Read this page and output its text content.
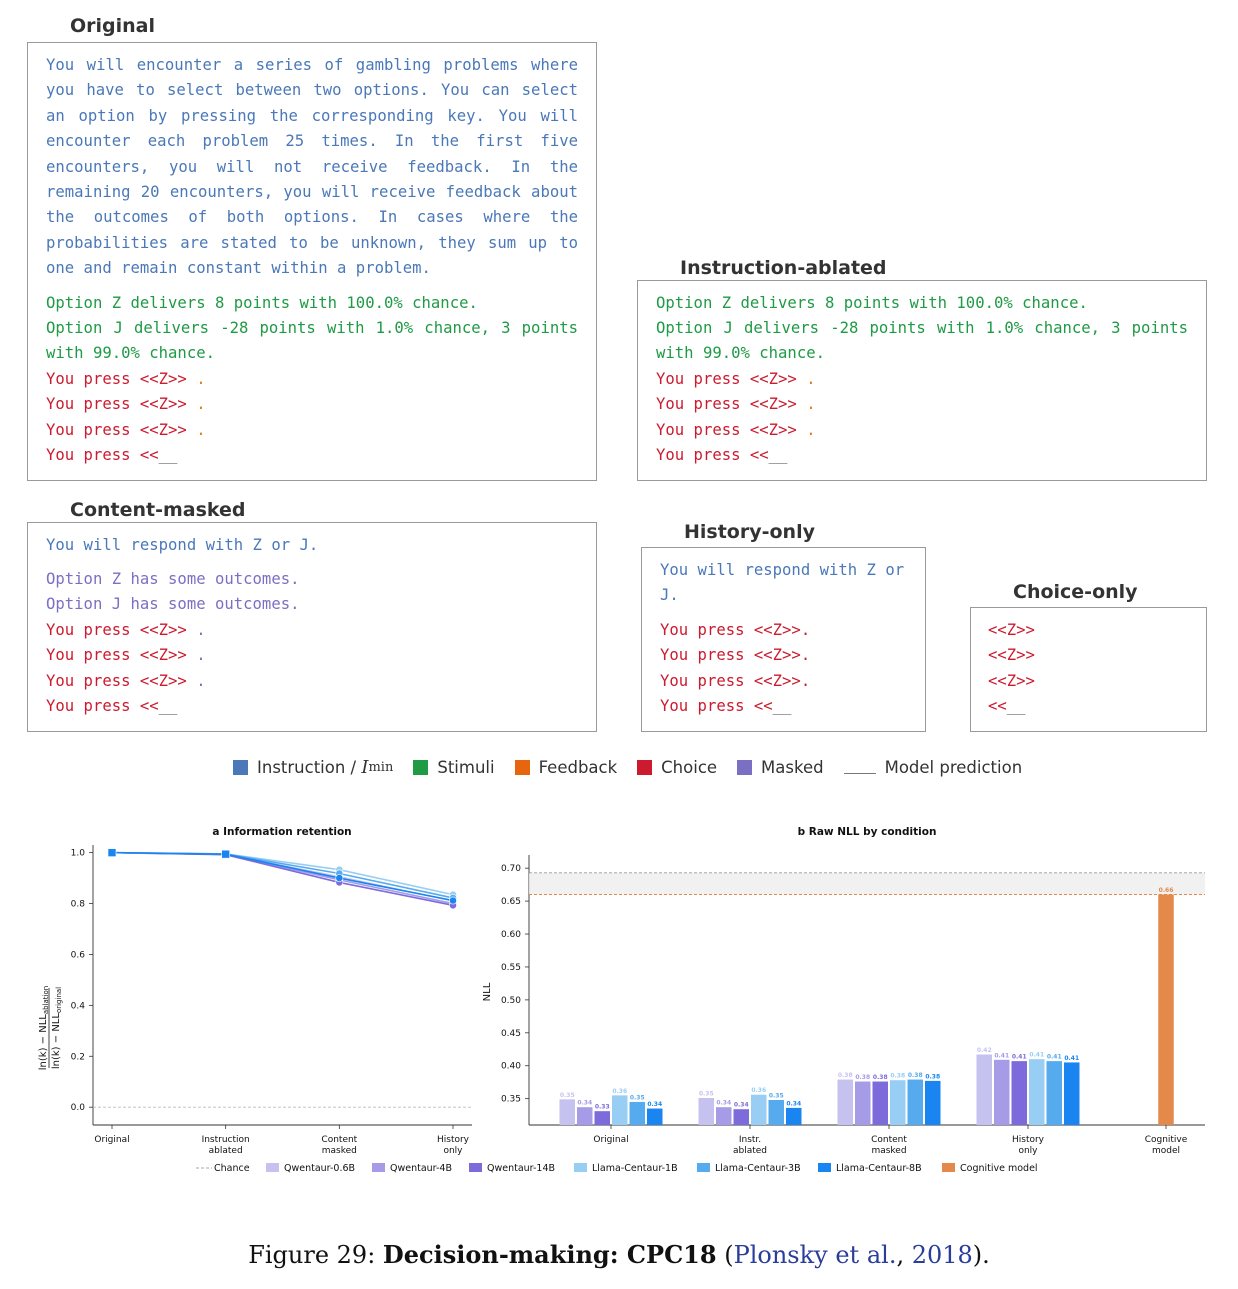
Original
You will encounter a series of gambling problems where you have to select between two options. You can select an option by pressing the corresponding key. You will encounter each problem 25 times. In the first five encounters, you will not receive feedback. In the remaining 20 encounters, you will receive feedback about the outcomes of both options. In cases where the probabilities are stated to be unknown, they sum up to one and remain constant within a problem.
Option Z delivers 8 points with 100.0% chance.
Option J delivers -28 points with 1.0% chance, 3 points with 99.0% chance.
You press <<Z>> .
You press <<Z>> .
You press <<Z>> .
You press <<__
Instruction-ablated
Option Z delivers 8 points with 100.0% chance.
Option J delivers -28 points with 1.0% chance, 3 points with 99.0% chance.
You press <<Z>> .
You press <<Z>> .
You press <<Z>> .
You press <<__
Content-masked
You will respond with Z or J.
Option Z has some outcomes.
Option J has some outcomes.
You press <<Z>> .
You press <<Z>> .
You press <<Z>> .
You press <<__
History-only
You will respond with Z or J.
You press <<Z>>.
You press <<Z>>.
You press <<Z>>.
You press <<__
Choice-only
<<Z>>
<<Z>>
<<Z>>
<<__
Instruction / I min	Stimuli	Feedback	Choice	Masked	Model prediction
a Information retention
0.0
0.2
0.4
0.6
0.8
1.0
Original	Instruction
ablated
Content
masked
History
only
$\ln(k) - NLL_{ablation}$
$\ln(k) - NLL_{original}$
b Raw NLL by condition
0.35
0.40
0.45
0.50
0.55
0.60
0.65
0.70
Original	Instr.
ablated
Content
masked
History
only
Cognitive
model
0.35	0.35
0.38
0.42
0.34	0.34
0.38
0.41
0.33	0.34
0.38
0.41
0.36	0.36
0.38
0.41
0.35	0.35
0.38
0.41
0.34	0.34
0.38
0.41
0.66
NLL
Chance	Qwentaur-0.6B	Qwentaur-4B	Qwentaur-14B	Llama-Centaur-1B	Llama-Centaur-3B	Llama-Centaur-8B	Cognitive model
Figure 29: Decision-making: CPC18 (Plonsky et al., 2018).
